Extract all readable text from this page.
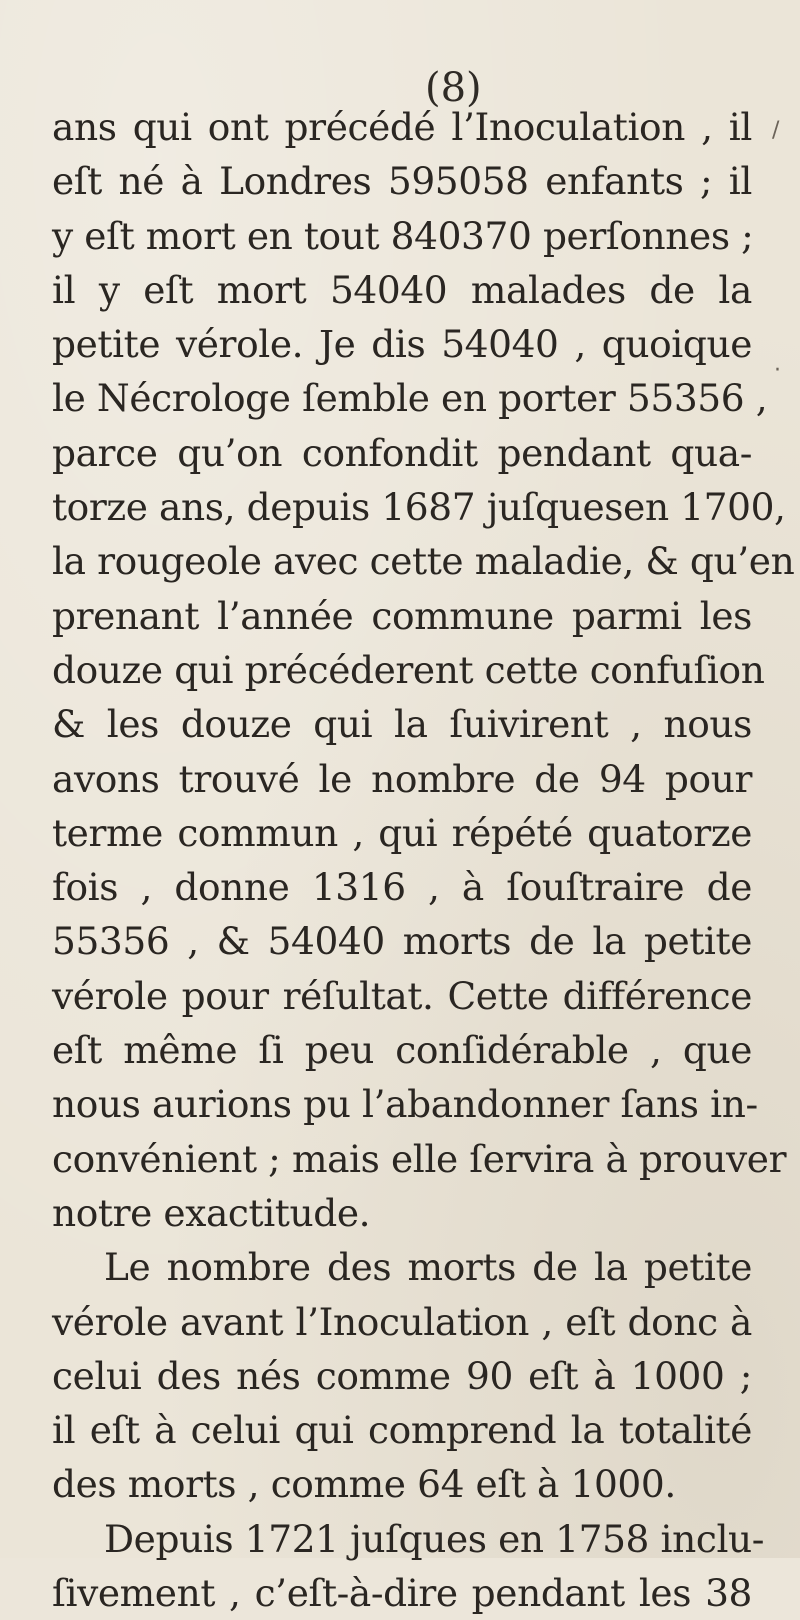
(8)
ans qui ont précédé l’Inoculation , il
eſt né à Londres 595058 enfants ; il
y eſt mort en tout 840370 perſonnes ;
il y eſt mort 54040 malades de la
petite vérole. Je dis 54040 , quoique
le Nécrologe ſemble en porter 55356 ,
parce qu’on confondit pendant qua-
torze ans, depuis 1687 juſquesen 1700,
la rougeole avec cette maladie, & qu’en
prenant l’année commune parmi les
douze qui précéderent cette confuſion
& les douze qui la ſuivirent , nous
avons trouvé le nombre de 94 pour
terme commun , qui répété quatorze
fois , donne 1316 , à ſouſtraire de
55356 , & 54040 morts de la petite
vérole pour réſultat. Cette différence
eſt même ſi peu conſidérable , que
nous aurions pu l’abandonner ſans in-
convénient ; mais elle ſervira à prouver
notre exactitude.
Le nombre des morts de la petite
vérole avant l’Inoculation , eſt donc à
celui des nés comme 90 eſt à 1000 ;
il eſt à celui qui comprend la totalité
des morts , comme 64 eſt à 1000.
Depuis 1721 juſques en 1758 inclu-
ſivement , c’eſt-à-dire pendant les 38
/
·
